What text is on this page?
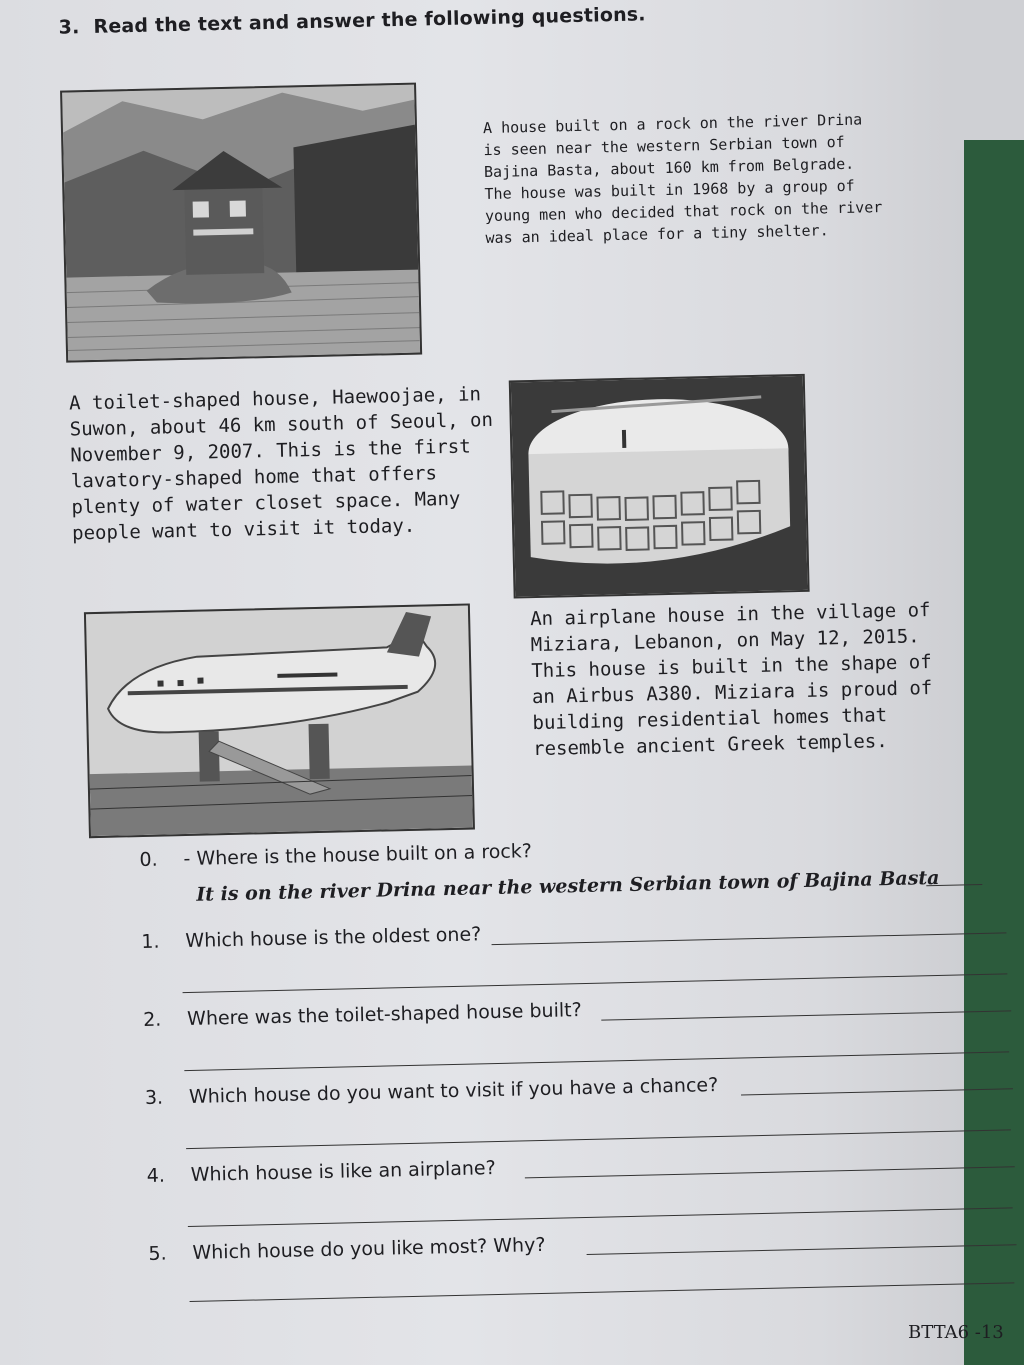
3. Read the text and answer the following questions.
A house built on a rock on the river Drina is seen near the western Serbian town of Bajina Basta, about 160 km from Belgrade. The house was built in 1968 by a group of young men who decided that rock on the river was an ideal place for a tiny shelter.
A toilet-shaped house, Haewoojae, in Suwon, about 46 km south of Seoul, on November 9, 2007. This is the first lavatory-shaped home that offers plenty of water closet space. Many people want to visit it today.
An airplane house in the village of Miziara, Lebanon, on May 12, 2015. This house is built in the shape of an Airbus A380. Miziara is proud of building residential homes that resemble ancient Greek temples.
0. - Where is the house built on a rock?
It is on the river Drina near the western Serbian town of Bajina Basta
1. Which house is the oldest one?
2. Where was the toilet-shaped house built?
3. Which house do you want to visit if you have a chance?
4. Which house is like an airplane?
5. Which house do you like most? Why?
BTTA6 -13
